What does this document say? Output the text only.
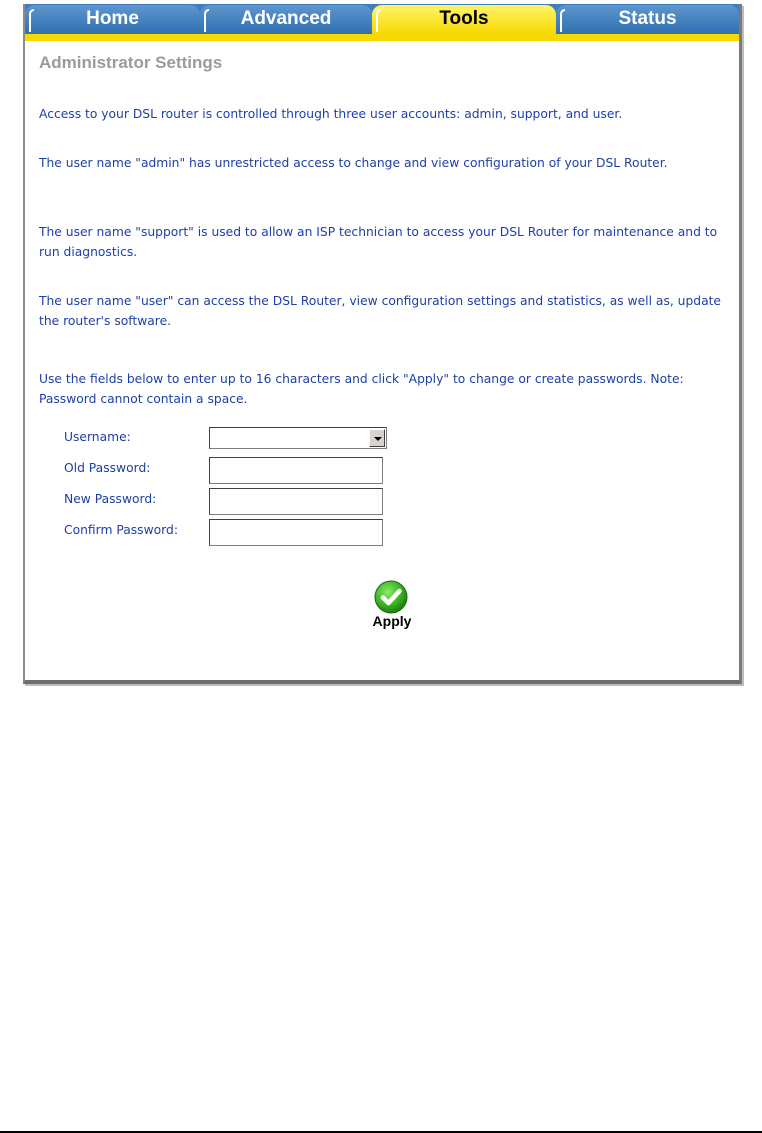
Home	Advanced	Tools	Status
Administrator Settings

Access to your DSL router is controlled through three user accounts: admin, support, and user.

The user name "admin" has unrestricted access to change and view configuration of your DSL Router.

The user name "support" is used to allow an ISP technician to access your DSL Router for maintenance and to run diagnostics.

The user name "user" can access the DSL Router, view configuration settings and statistics, as well as, update the router's software.

Use the fields below to enter up to 16 characters and click "Apply" to change or create passwords. Note: Password cannot contain a space.

Username:
Old Password:
New Password:
Confirm Password:
Apply
